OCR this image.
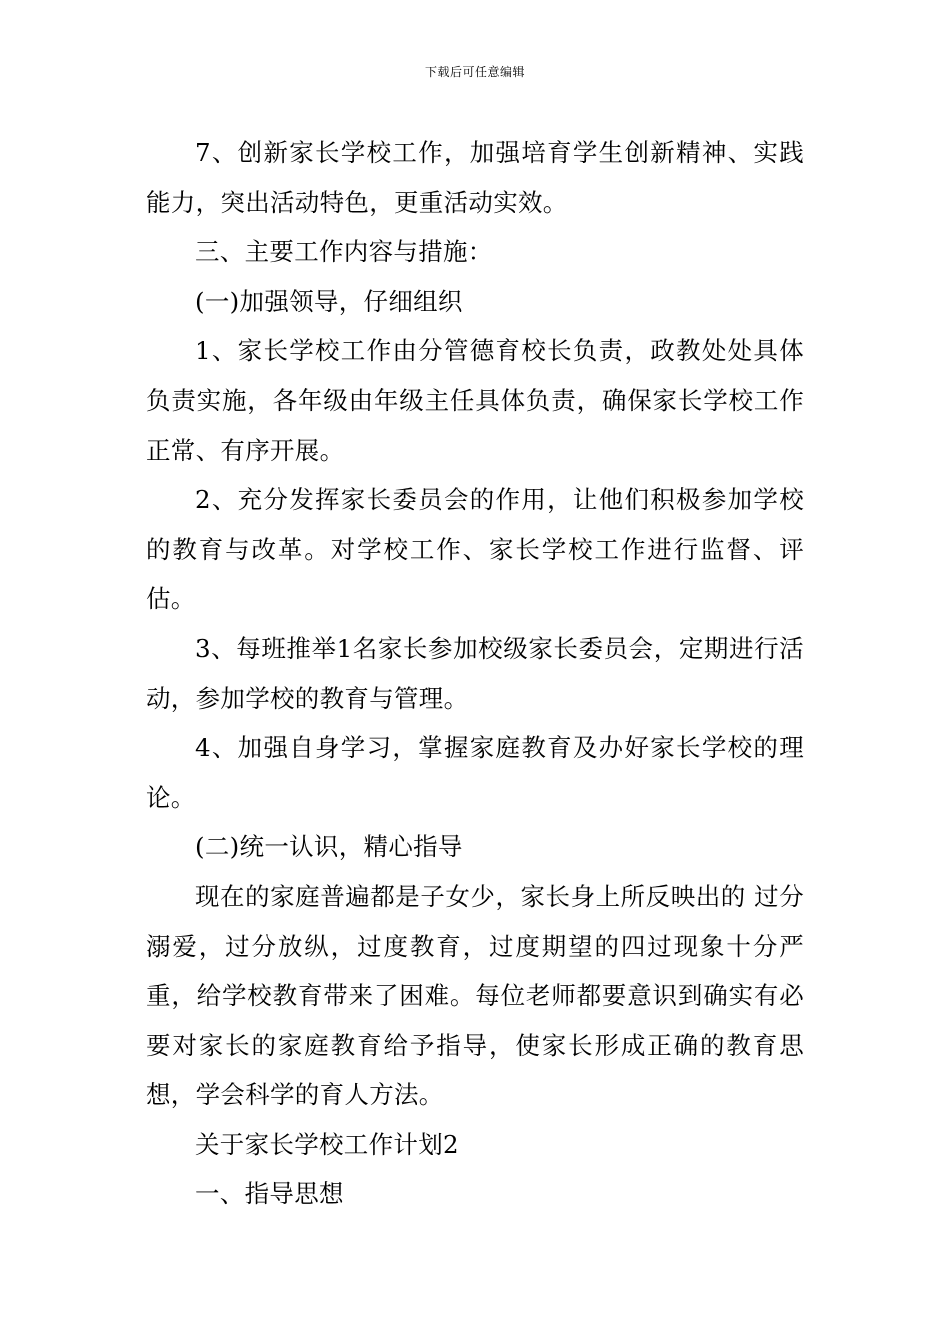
下载后可任意编辑

7、创新家长学校工作，加强培育学生创新精神、实践能力，突出活动特色，更重活动实效。

三、主要工作内容与措施：

(一)加强领导，仔细组织

1、家长学校工作由分管德育校长负责，政教处处具体负责实施，各年级由年级主任具体负责，确保家长学校工作正常、有序开展。

2、充分发挥家长委员会的作用，让他们积极参加学校的教育与改革。对学校工作、家长学校工作进行监督、评估。

3、每班推举1名家长参加校级家长委员会，定期进行活动，参加学校的教育与管理。

4、加强自身学习，掌握家庭教育及办好家长学校的理论。

(二)统一认识，精心指导

现在的家庭普遍都是子女少，家长身上所反映出的 过分溺爱，过分放纵，过度教育，过度期望的四过现象十分严重，给学校教育带来了困难。每位老师都要意识到确实有必要对家长的家庭教育给予指导，使家长形成正确的教育思想，学会科学的育人方法。

关于家长学校工作计划2

一、指导思想
